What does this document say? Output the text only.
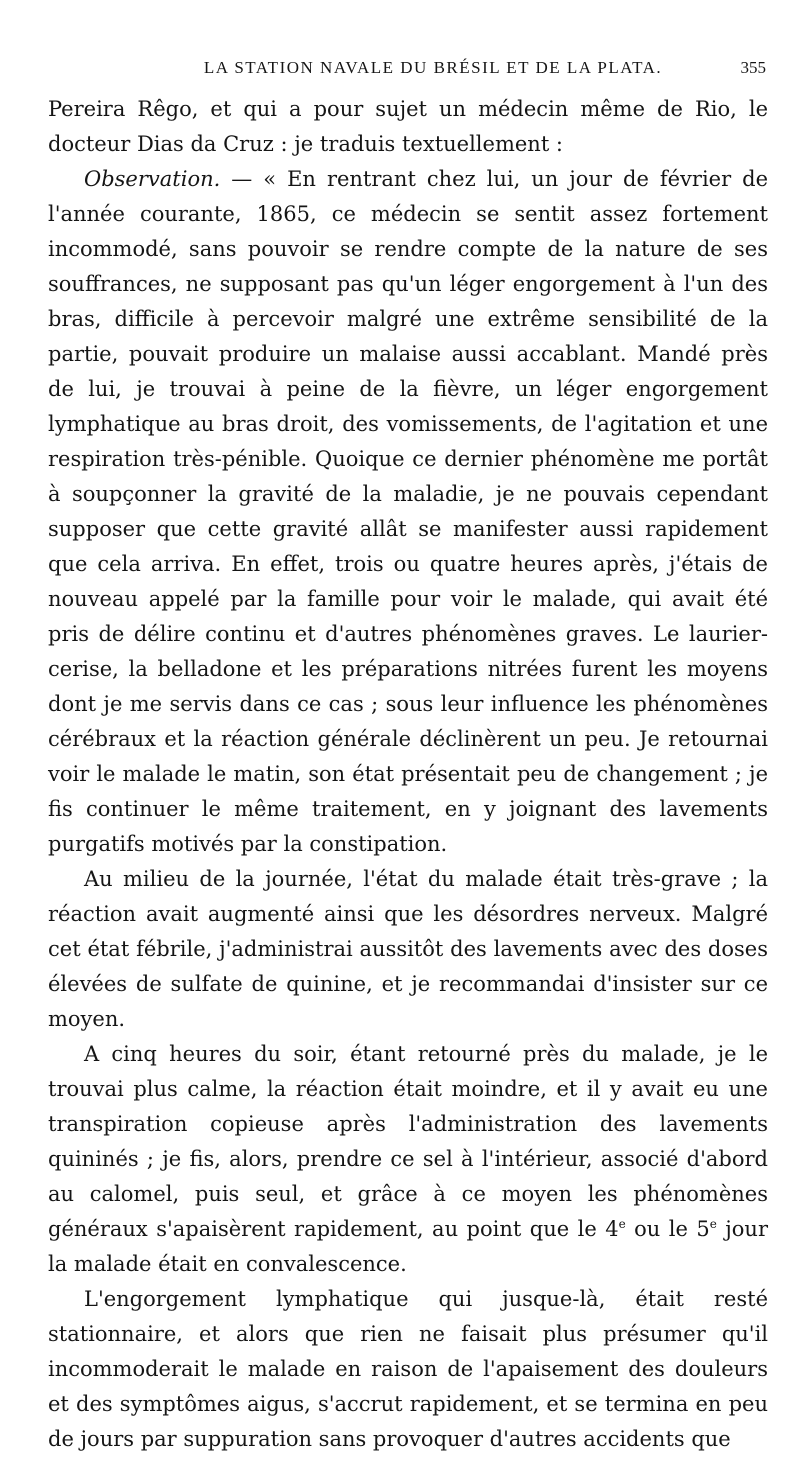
LA STATION NAVALE DU BRÉSIL ET DE LA PLATA.	355

Pereira Rêgo, et qui a pour sujet un médecin même de Rio, le docteur Dias da Cruz : je traduis textuellement :

Observation. — « En rentrant chez lui, un jour de février de l'année courante, 1865, ce médecin se sentit assez fortement incommodé, sans pouvoir se rendre compte de la nature de ses souffrances, ne supposant pas qu'un léger engorgement à l'un des bras, difficile à percevoir malgré une extrême sensibilité de la partie, pouvait produire un malaise aussi accablant. Mandé près de lui, je trouvai à peine de la fièvre, un léger engorgement lymphatique au bras droit, des vomissements, de l'agitation et une respiration très-pénible. Quoique ce dernier phénomène me portât à soupçonner la gravité de la maladie, je ne pouvais cependant supposer que cette gravité allât se manifester aussi rapidement que cela arriva. En effet, trois ou quatre heures après, j'étais de nouveau appelé par la famille pour voir le malade, qui avait été pris de délire continu et d'autres phénomènes graves. Le laurier-cerise, la belladone et les préparations nitrées furent les moyens dont je me servis dans ce cas ; sous leur influence les phénomènes cérébraux et la réaction générale déclinèrent un peu. Je retournai voir le malade le matin, son état présentait peu de changement ; je fis continuer le même traitement, en y joignant des lavements purgatifs motivés par la constipation.

Au milieu de la journée, l'état du malade était très-grave ; la réaction avait augmenté ainsi que les désordres nerveux. Malgré cet état fébrile, j'administrai aussitôt des lavements avec des doses élevées de sulfate de quinine, et je recommandai d'insister sur ce moyen.

A cinq heures du soir, étant retourné près du malade, je le trouvai plus calme, la réaction était moindre, et il y avait eu une transpiration copieuse après l'administration des lavements quininés ; je fis, alors, prendre ce sel à l'intérieur, associé d'abord au calomel, puis seul, et grâce à ce moyen les phénomènes généraux s'apaisèrent rapidement, au point que le 4e ou le 5e jour la malade était en convalescence.

L'engorgement lymphatique qui jusque-là, était resté stationnaire, et alors que rien ne faisait plus présumer qu'il incommoderait le malade en raison de l'apaisement des douleurs et des symptômes aigus, s'accrut rapidement, et se termina en peu de jours par suppuration sans provoquer d'autres accidents que
